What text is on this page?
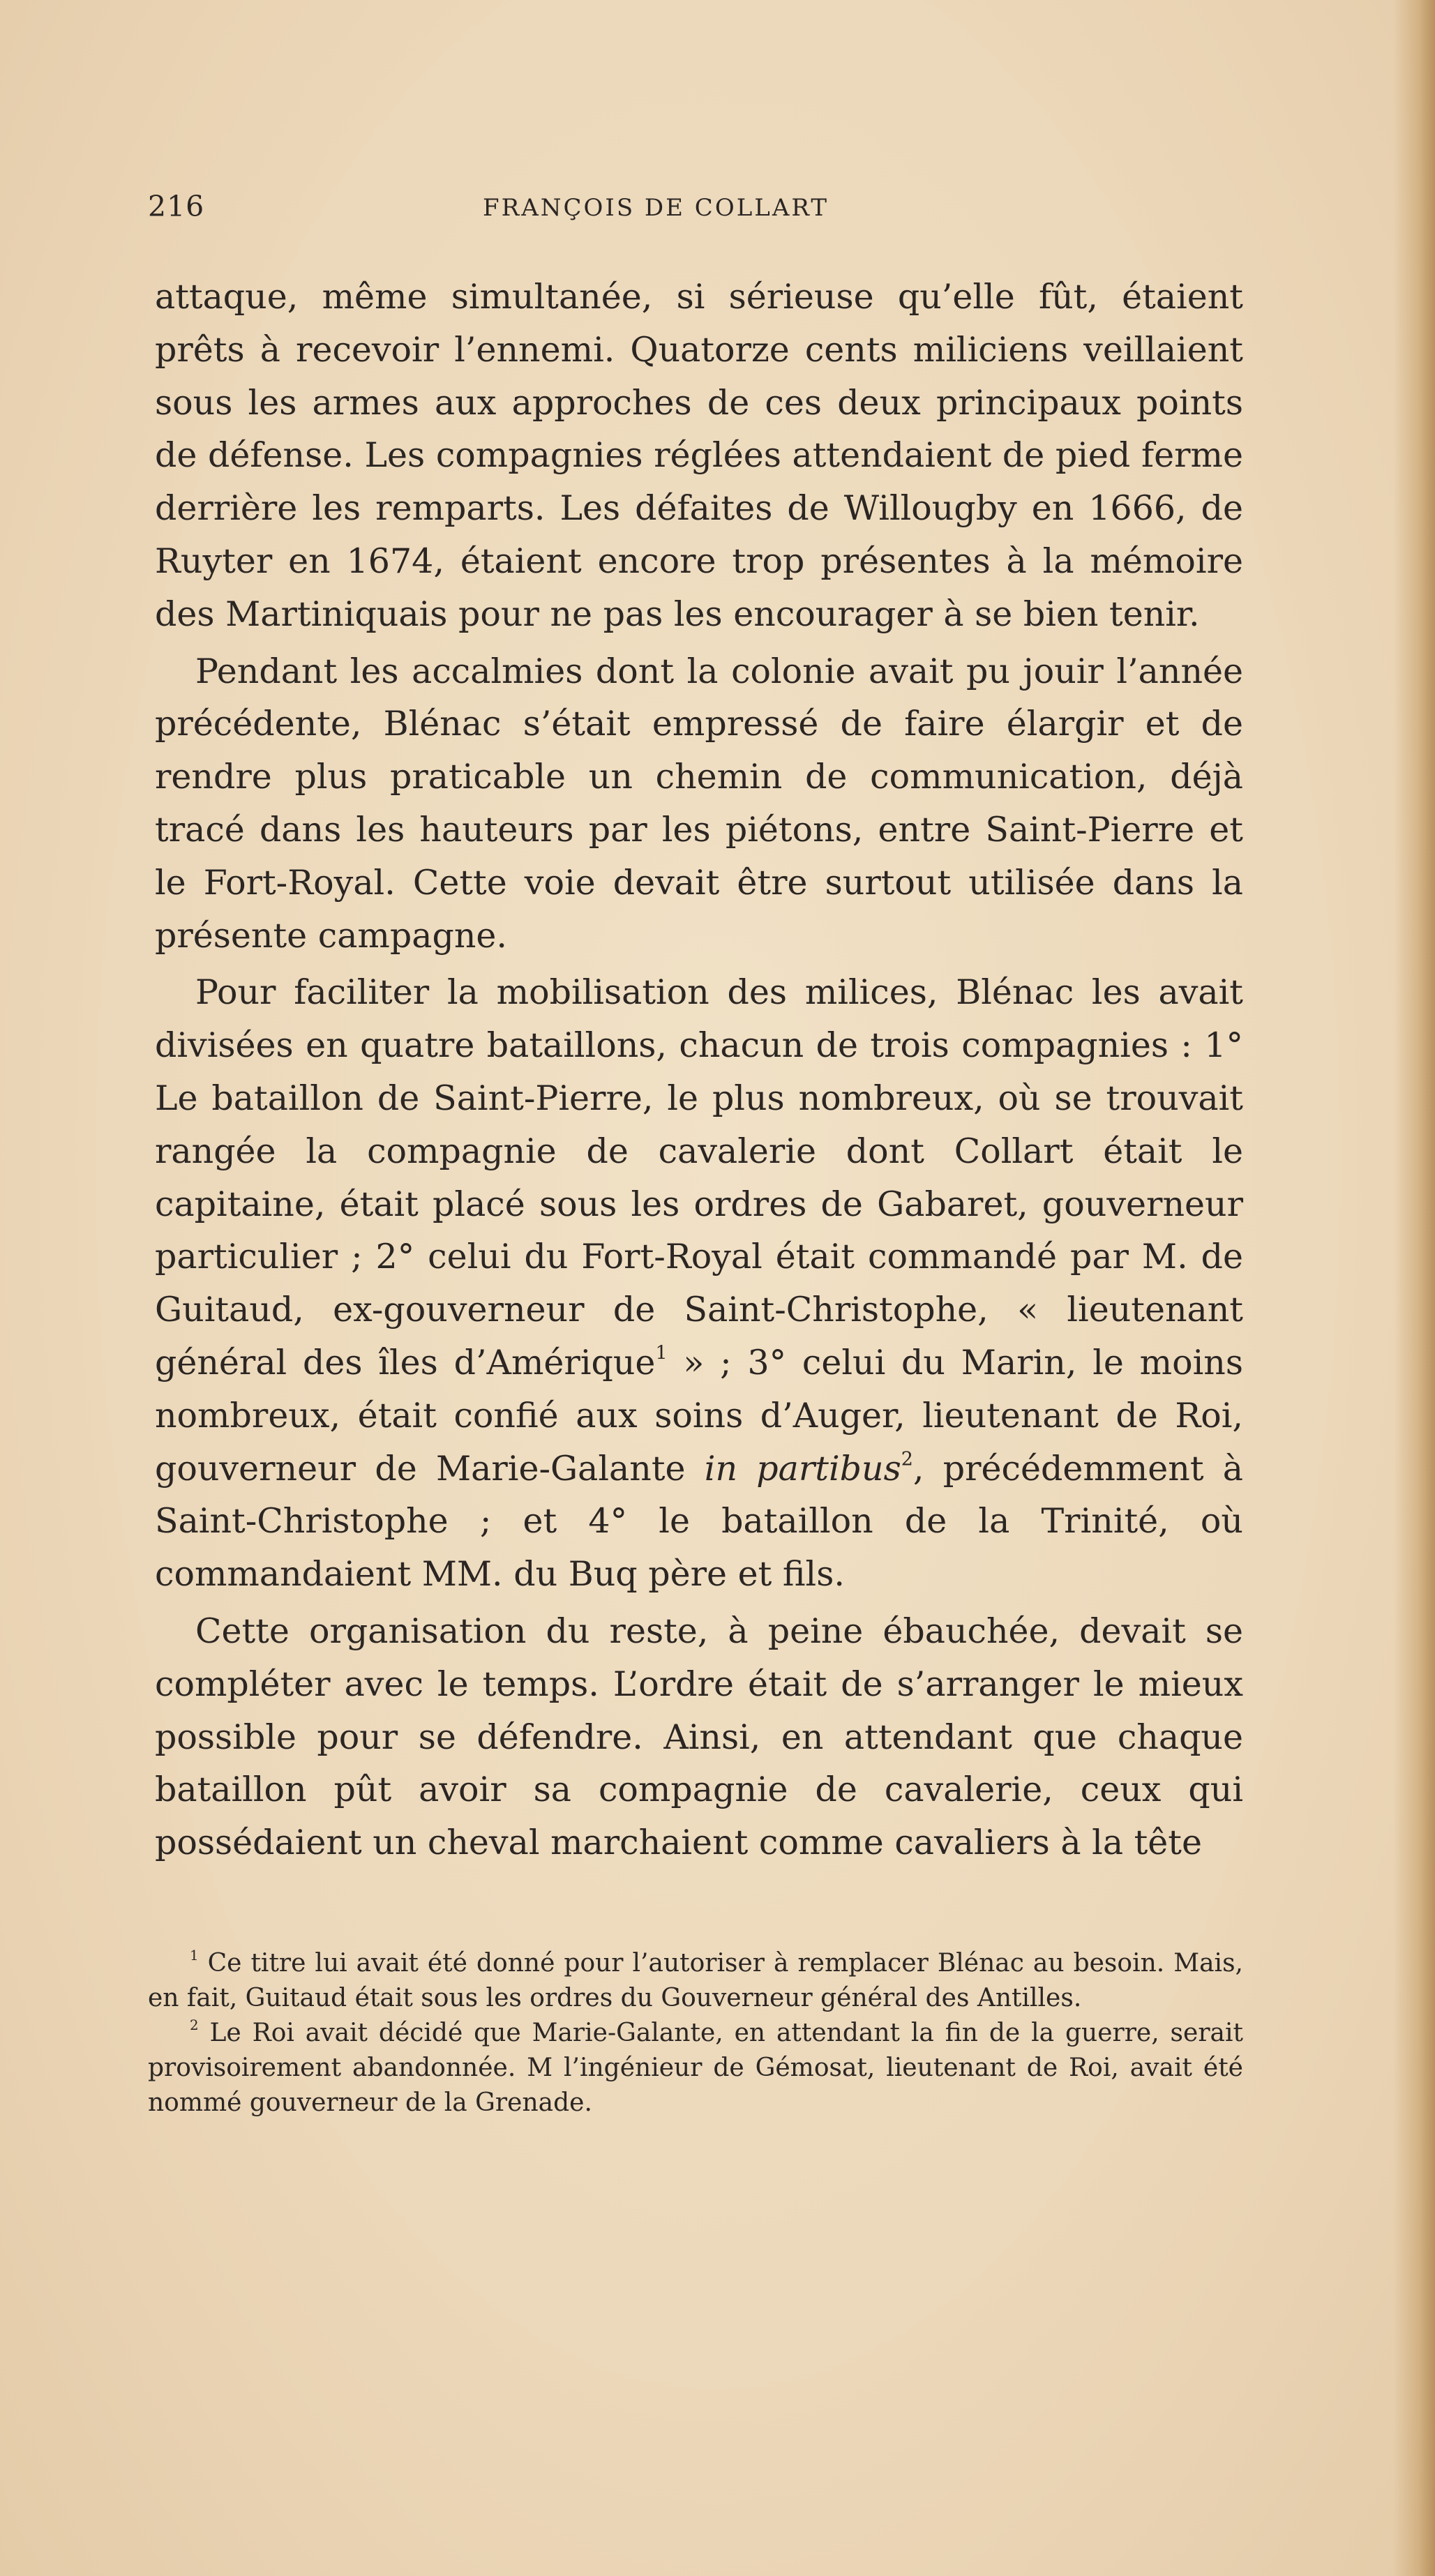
216	FRANÇOIS DE COLLART

attaque, même simultanée, si sérieuse qu’elle fût, étaient prêts à recevoir l’ennemi. Quatorze cents miliciens veillaient sous les armes aux approches de ces deux principaux points de défense. Les compagnies réglées attendaient de pied ferme derrière les remparts. Les défaites de Willougby en 1666, de Ruyter en 1674, étaient encore trop présentes à la mémoire des Martiniquais pour ne pas les encourager à se bien tenir.

Pendant les accalmies dont la colonie avait pu jouir l’année précédente, Blénac s’était empressé de faire élargir et de rendre plus praticable un chemin de communication, déjà tracé dans les hauteurs par les piétons, entre Saint-Pierre et le Fort-Royal. Cette voie devait être surtout utilisée dans la présente campagne.

Pour faciliter la mobilisation des milices, Blénac les avait divisées en quatre bataillons, chacun de trois compagnies : 1° Le bataillon de Saint-Pierre, le plus nombreux, où se trouvait rangée la compagnie de cavalerie dont Collart était le capitaine, était placé sous les ordres de Gabaret, gouverneur particulier ; 2° celui du Fort-Royal était commandé par M. de Guitaud, ex-gouverneur de Saint-Christophe, « lieutenant général des îles d’Amérique$^1$ » ; 3° celui du Marin, le moins nombreux, était confié aux soins d’Auger, lieutenant de Roi, gouverneur de Marie-Galante in partibus$^2$, précédemment à Saint-Christophe ; et 4° le bataillon de la Trinité, où commandaient MM. du Buq père et fils.

Cette organisation du reste, à peine ébauchée, devait se compléter avec le temps. L’ordre était de s’arranger le mieux possible pour se défendre. Ainsi, en attendant que chaque bataillon pût avoir sa compagnie de cavalerie, ceux qui possédaient un cheval marchaient comme cavaliers à la tête

$^1$ Ce titre lui avait été donné pour l’autoriser à remplacer Blénac au besoin. Mais, en fait, Guitaud était sous les ordres du Gouverneur général des Antilles.

$^2$ Le Roi avait décidé que Marie-Galante, en attendant la fin de la guerre, serait provisoirement abandonnée. M l’ingénieur de Gémosat, lieutenant de Roi, avait été nommé gouverneur de la Grenade.
